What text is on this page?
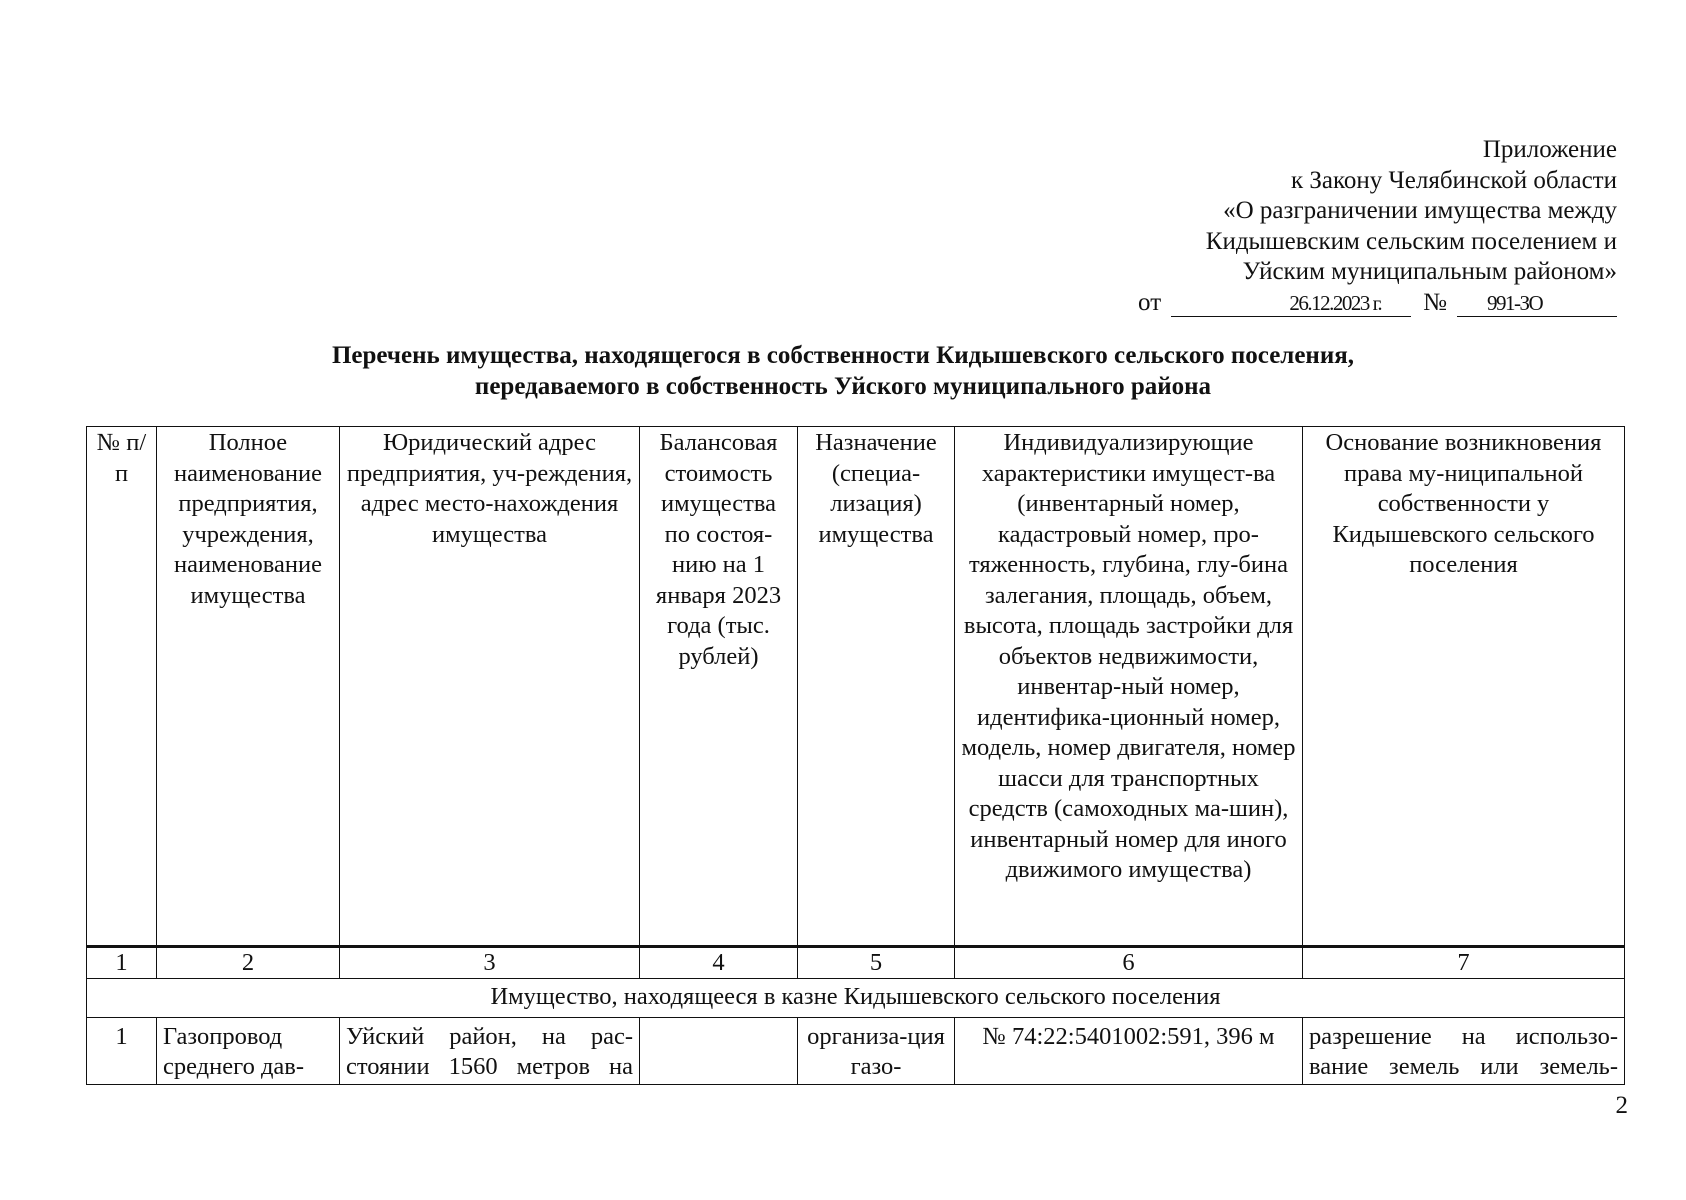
Приложение
к Закону Челябинской области
«О разграничении имущества между
Кидышевским сельским поселением и
Уйским муниципальным районом»
от	26.12.2023 г.	№	991-ЗО
Перечень имущества, находящегося в собственности Кидышевского сельского поселения,
передаваемого в собственность Уйского муниципального района
№ п/п	Полное наименование предприятия, учреждения, наименование имущества	Юридический адрес предприятия, уч-реждения, адрес место-нахождения имущества	Балансовая стоимость имущества по состоя-нию на 1 января 2023 года (тыс. рублей)	Назначение (специа-лизация) имущества	Индивидуализирующие характеристики имущест-ва (инвентарный номер, кадастровый номер, про-тяженность, глубина, глу-бина залегания, площадь, объем, высота, площадь застройки для объектов недвижимости, инвентар-ный номер, идентифика-ционный номер, модель, номер двигателя, номер шасси для транспортных средств (самоходных ма-шин), инвентарный номер для иного движимого имущества)	Основание возникновения права му-ниципальной собственности у Кидышевского сельского поселения
1	2	3	4	5	6	7
Имущество, находящееся в казне Кидышевского сельского поселения						
1	Газопровод среднего дав-	Уйский район, на рас-стоянии 1560 метров на		организа-ция газо-	№ 74:22:5401002:591, 396 м	разрешение на использо-вание земель или земель-
2
